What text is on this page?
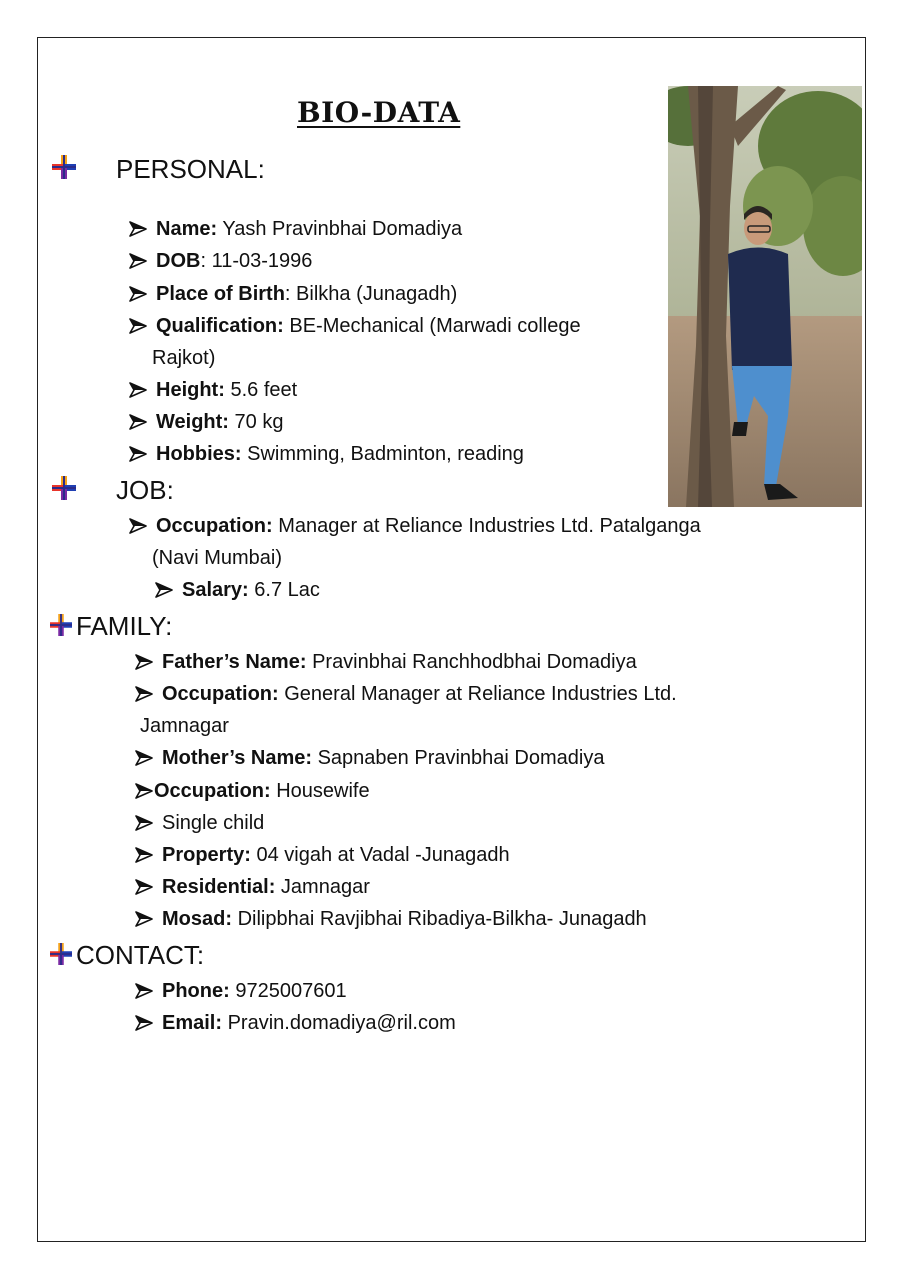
BIO-DATA
PERSONAL:
Name: Yash Pravinbhai Domadiya
DOB: 11-03-1996
Place of Birth: Bilkha (Junagadh)
Qualification: BE-Mechanical (Marwadi college
Rajkot)
Height: 5.6 feet
Weight: 70 kg
Hobbies: Swimming, Badminton, reading
JOB:
Occupation: Manager at Reliance Industries Ltd. Patalganga
(Navi Mumbai)
Salary: 6.7 Lac
FAMILY:
Father’s Name: Pravinbhai Ranchhodbhai Domadiya
Occupation: General Manager at Reliance Industries Ltd.
Jamnagar
Mother’s Name: Sapnaben Pravinbhai Domadiya
Occupation: Housewife
Single child
Property: 04 vigah at Vadal -Junagadh
Residential: Jamnagar
Mosad: Dilipbhai Ravjibhai Ribadiya-Bilkha- Junagadh
CONTACT:
Phone: 9725007601
Email: Pravin.domadiya@ril.com
